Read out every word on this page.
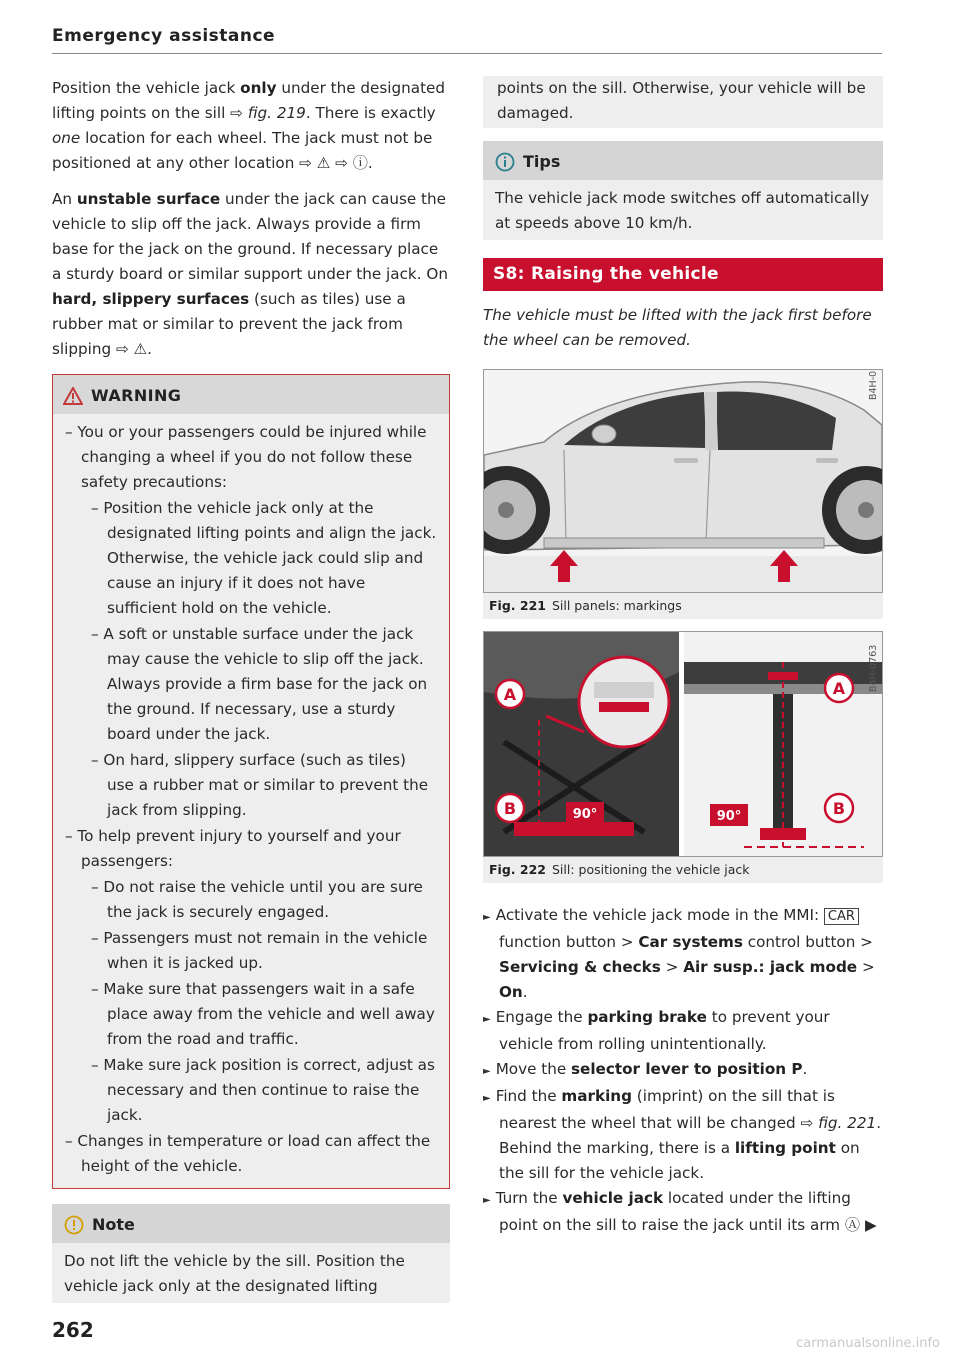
Emergency assistance

Position the vehicle jack only under the designated lifting points on the sill ⇨ fig. 219. There is exactly one location for each wheel. The jack must not be positioned at any other location ⇨ ⚠ ⇨ ⓘ.

An unstable surface under the jack can cause the vehicle to slip off the jack. Always provide a firm base for the jack on the ground. If necessary place a sturdy board or similar support under the jack. On hard, slippery surfaces (such as tiles) use a rubber mat or similar to prevent the jack from slipping ⇨ ⚠.

WARNING
– You or your passengers could be injured while changing a wheel if you do not follow these safety precautions:
– Position the vehicle jack only at the designated lifting points and align the jack. Otherwise, the vehicle jack could slip and cause an injury if it does not have sufficient hold on the vehicle.
– A soft or unstable surface under the jack may cause the vehicle to slip off the jack. Always provide a firm base for the jack on the ground. If necessary, use a sturdy board under the jack.
– On hard, slippery surface (such as tiles) use a rubber mat or similar to prevent the jack from slipping.
– To help prevent injury to yourself and your passengers:
– Do not raise the vehicle until you are sure the jack is securely engaged.
– Passengers must not remain in the vehicle when it is jacked up.
– Make sure that passengers wait in a safe place away from the vehicle and well away from the road and traffic.
– Make sure jack position is correct, adjust as necessary and then continue to raise the jack.
– Changes in temperature or load can affect the height of the vehicle.
Note
Do not lift the vehicle by the sill. Position the vehicle jack only at the designated lifting
points on the sill. Otherwise, your vehicle will be damaged.
Tips
The vehicle jack mode switches off automatically at speeds above 10 km/h.
S8: Raising the vehicle
The vehicle must be lifted with the jack first before the wheel can be removed.
B4H-0352
Fig. 221 Sill panels: markings
A
B	90°
A
B
90°
B4H-0763
Fig. 222 Sill: positioning the vehicle jack
► Activate the vehicle jack mode in the MMI: CAR function button > Car systems control button > Servicing & checks > Air susp.: jack mode > On.
► Engage the parking brake to prevent your vehicle from rolling unintentionally.
► Move the selector lever to position P.
► Find the marking (imprint) on the sill that is nearest the wheel that will be changed ⇨ fig. 221. Behind the marking, there is a lifting point on the sill for the vehicle jack.
► Turn the vehicle jack located under the lifting point on the sill to raise the jack until its arm Ⓐ ▶
262
carmanualsonline.info
